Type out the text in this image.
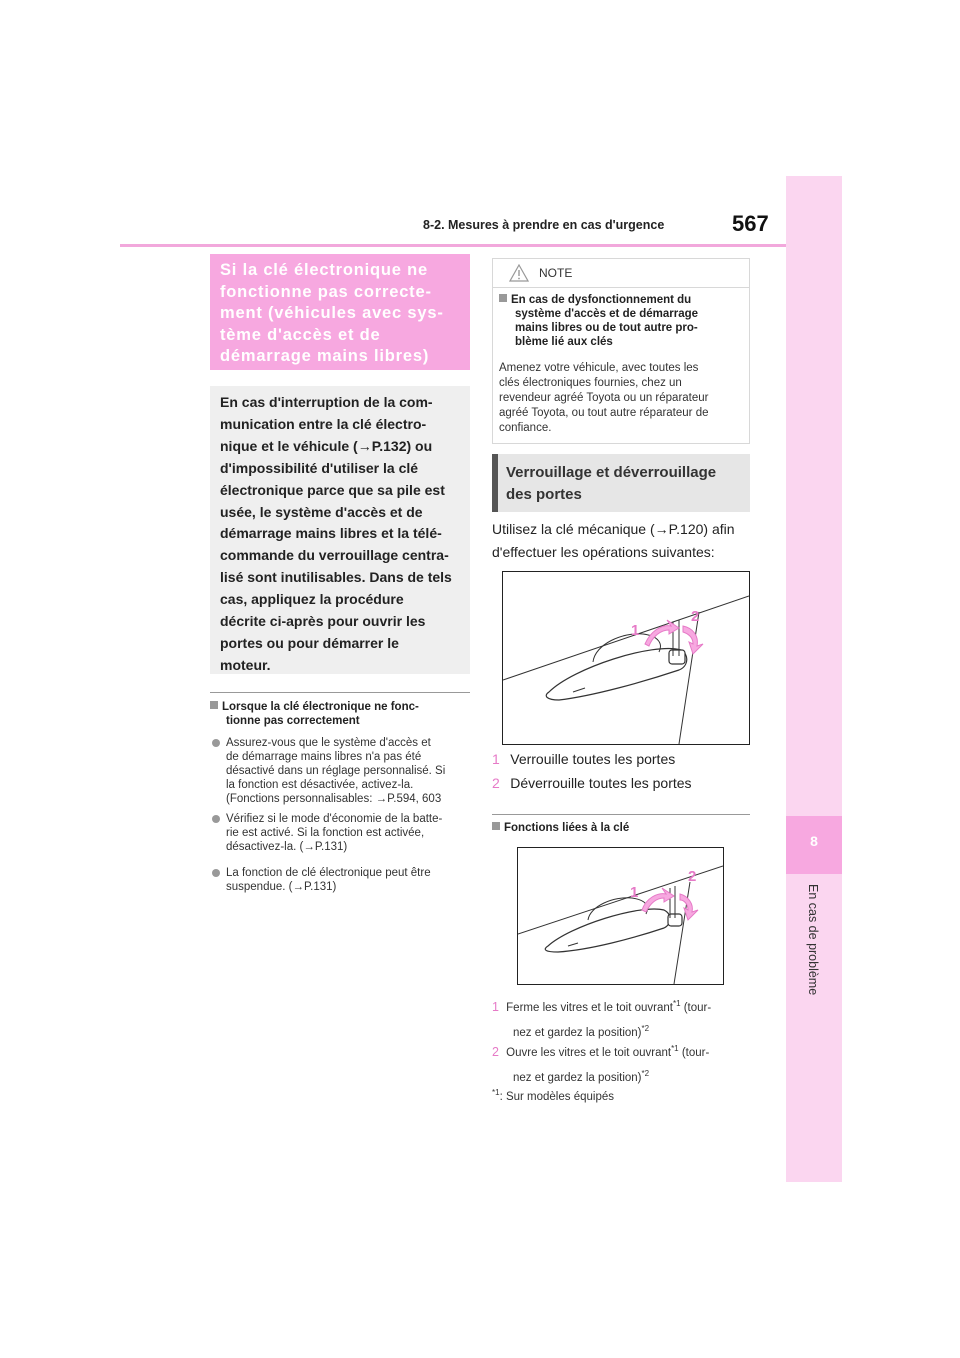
8-2. Mesures à prendre en cas d'urgence	567
8
En cas de problème
Si la clé électronique ne
fonctionne pas correcte-
ment (véhicules avec sys-
tème d'accès et de
démarrage mains libres)
En cas d'interruption de la com-
munication entre la clé électro-
nique et le véhicule (→P.132) ou
d'impossibilité d'utiliser la clé
électronique parce que sa pile est
usée, le système d'accès et de
démarrage mains libres et la télé-
commande du verrouillage centra-
lisé sont inutilisables. Dans de tels
cas, appliquez la procédure
décrite ci-après pour ouvrir les
portes ou pour démarrer le
moteur.
Lorsque la clé électronique ne fonc-
tionne pas correctement
Assurez-vous que le système d'accès et
de démarrage mains libres n'a pas été
désactivé dans un réglage personnalisé. Si
la fonction est désactivée, activez-la.
(Fonctions personnalisables: →P.594, 603
Vérifiez si le mode d'économie de la batte-
rie est activé. Si la fonction est activée,
désactivez-la. (→P.131)
La fonction de clé électronique peut être
suspendue. (→P.131)
NOTE
En cas de dysfonctionnement du
système d'accès et de démarrage
mains libres ou de tout autre pro-
blème lié aux clés
Amenez votre véhicule, avec toutes les
clés électroniques fournies, chez un
revendeur agréé Toyota ou un réparateur
agréé Toyota, ou tout autre réparateur de
confiance.
Verrouillage et déverrouillage
des portes
Utilisez la clé mécanique (→P.120) afin
d'effectuer les opérations suivantes:
1
2
1 Verrouille toutes les portes
2 Déverrouille toutes les portes
Fonctions liées à la clé
1
2
1 Ferme les vitres et le toit ouvrant$^{*1}$ (tour-
nez et gardez la position)$^{*2}$
2 Ouvre les vitres et le toit ouvrant$^{*1}$ (tour-
nez et gardez la position)$^{*2}$
$^{*1}$: Sur modèles équipés
